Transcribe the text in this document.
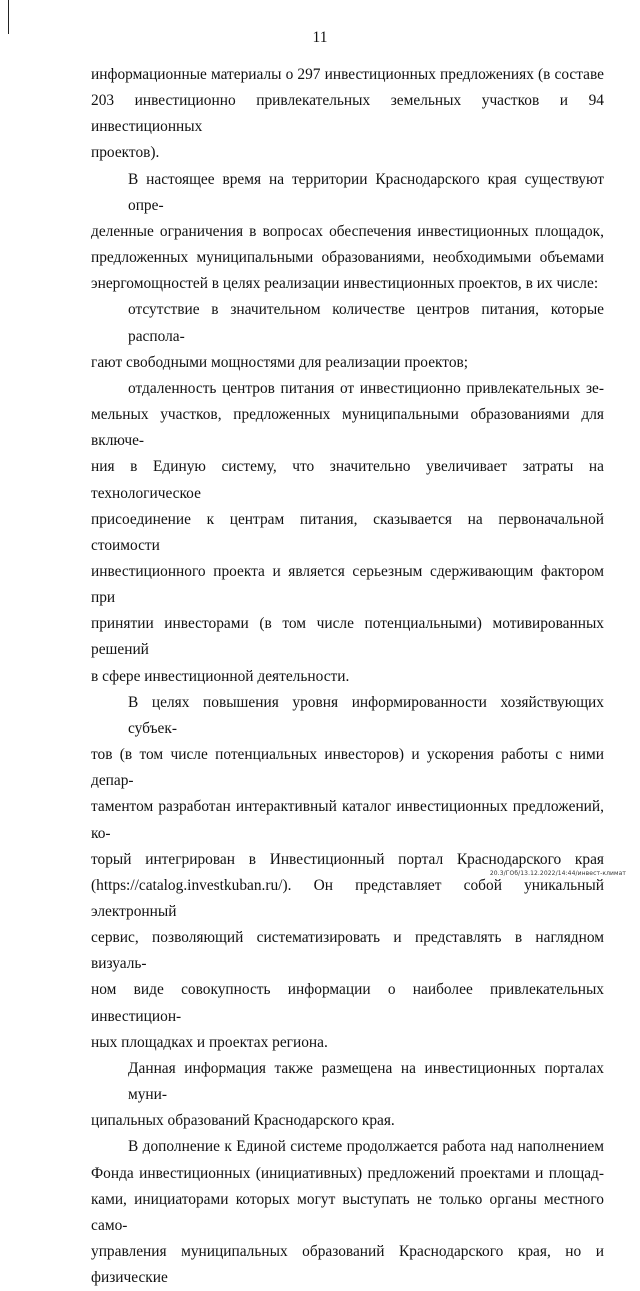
11

информационные материалы о 297 инвестиционных предложениях (в составе
203 инвестиционно привлекательных земельных участков и 94 инвестиционных
проектов).

В настоящее время на территории Краснодарского края существуют опре-
деленные ограничения в вопросах обеспечения инвестиционных площадок,
предложенных муниципальными образованиями, необходимыми объемами
энергомощностей в целях реализации инвестиционных проектов, в их числе:

отсутствие в значительном количестве центров питания, которые распола-
гают свободными мощностями для реализации проектов;

отдаленность центров питания от инвестиционно привлекательных зе-
мельных участков, предложенных муниципальными образованиями для включе-
ния в Единую систему, что значительно увеличивает затраты на технологическое
присоединение к центрам питания, сказывается на первоначальной стоимости
инвестиционного проекта и является серьезным сдерживающим фактором при
принятии инвесторами (в том числе потенциальными) мотивированных решений
в сфере инвестиционной деятельности.

В целях повышения уровня информированности хозяйствующих субъек-
тов (в том числе потенциальных инвесторов) и ускорения работы с ними депар-
таментом разработан интерактивный каталог инвестиционных предложений, ко-
торый интегрирован в Инвестиционный портал Краснодарского края
(https://catalog.investkuban.ru/). Он представляет собой уникальный электронный
сервис, позволяющий систематизировать и представлять в наглядном визуаль-
ном виде совокупность информации о наиболее привлекательных инвестицион-
ных площадках и проектах региона.

Данная информация также размещена на инвестиционных порталах муни-
ципальных образований Краснодарского края.

В дополнение к Единой системе продолжается работа над наполнением
Фонда инвестиционных (инициативных) предложений проектами и площад-
ками, инициаторами которых могут выступать не только органы местного само-
управления муниципальных образований Краснодарского края, но и физические

20.3/ГОб/13.12.2022/14:44/инвест-климат
